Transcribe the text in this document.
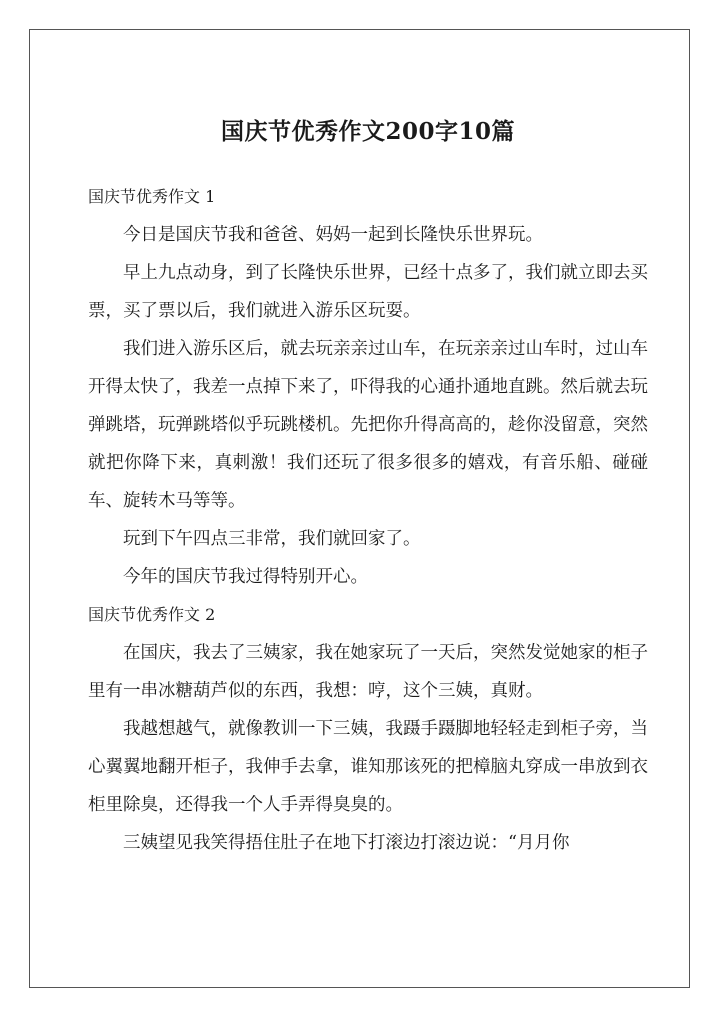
国庆节优秀作文200字10篇

国庆节优秀作文 1

今日是国庆节我和爸爸、妈妈一起到长隆快乐世界玩。

早上九点动身，到了长隆快乐世界，已经十点多了，我们就立即去买票，买了票以后，我们就进入游乐区玩耍。

我们进入游乐区后，就去玩亲亲过山车，在玩亲亲过山车时，过山车开得太快了，我差一点掉下来了，吓得我的心通扑通地直跳。然后就去玩弹跳塔，玩弹跳塔似乎玩跳楼机。先把你升得高高的，趁你没留意，突然就把你降下来，真刺激！我们还玩了很多很多的嬉戏，有音乐船、碰碰车、旋转木马等等。

玩到下午四点三非常，我们就回家了。

今年的国庆节我过得特别开心。

国庆节优秀作文 2

在国庆，我去了三姨家，我在她家玩了一天后，突然发觉她家的柜子里有一串冰糖葫芦似的东西，我想：哼，这个三姨，真财。

我越想越气，就像教训一下三姨，我蹑手蹑脚地轻轻走到柜子旁，当心翼翼地翻开柜子，我伸手去拿，谁知那该死的把樟脑丸穿成一串放到衣柜里除臭，还得我一个人手弄得臭臭的。

三姨望见我笑得捂住肚子在地下打滚边打滚边说：“月月你
